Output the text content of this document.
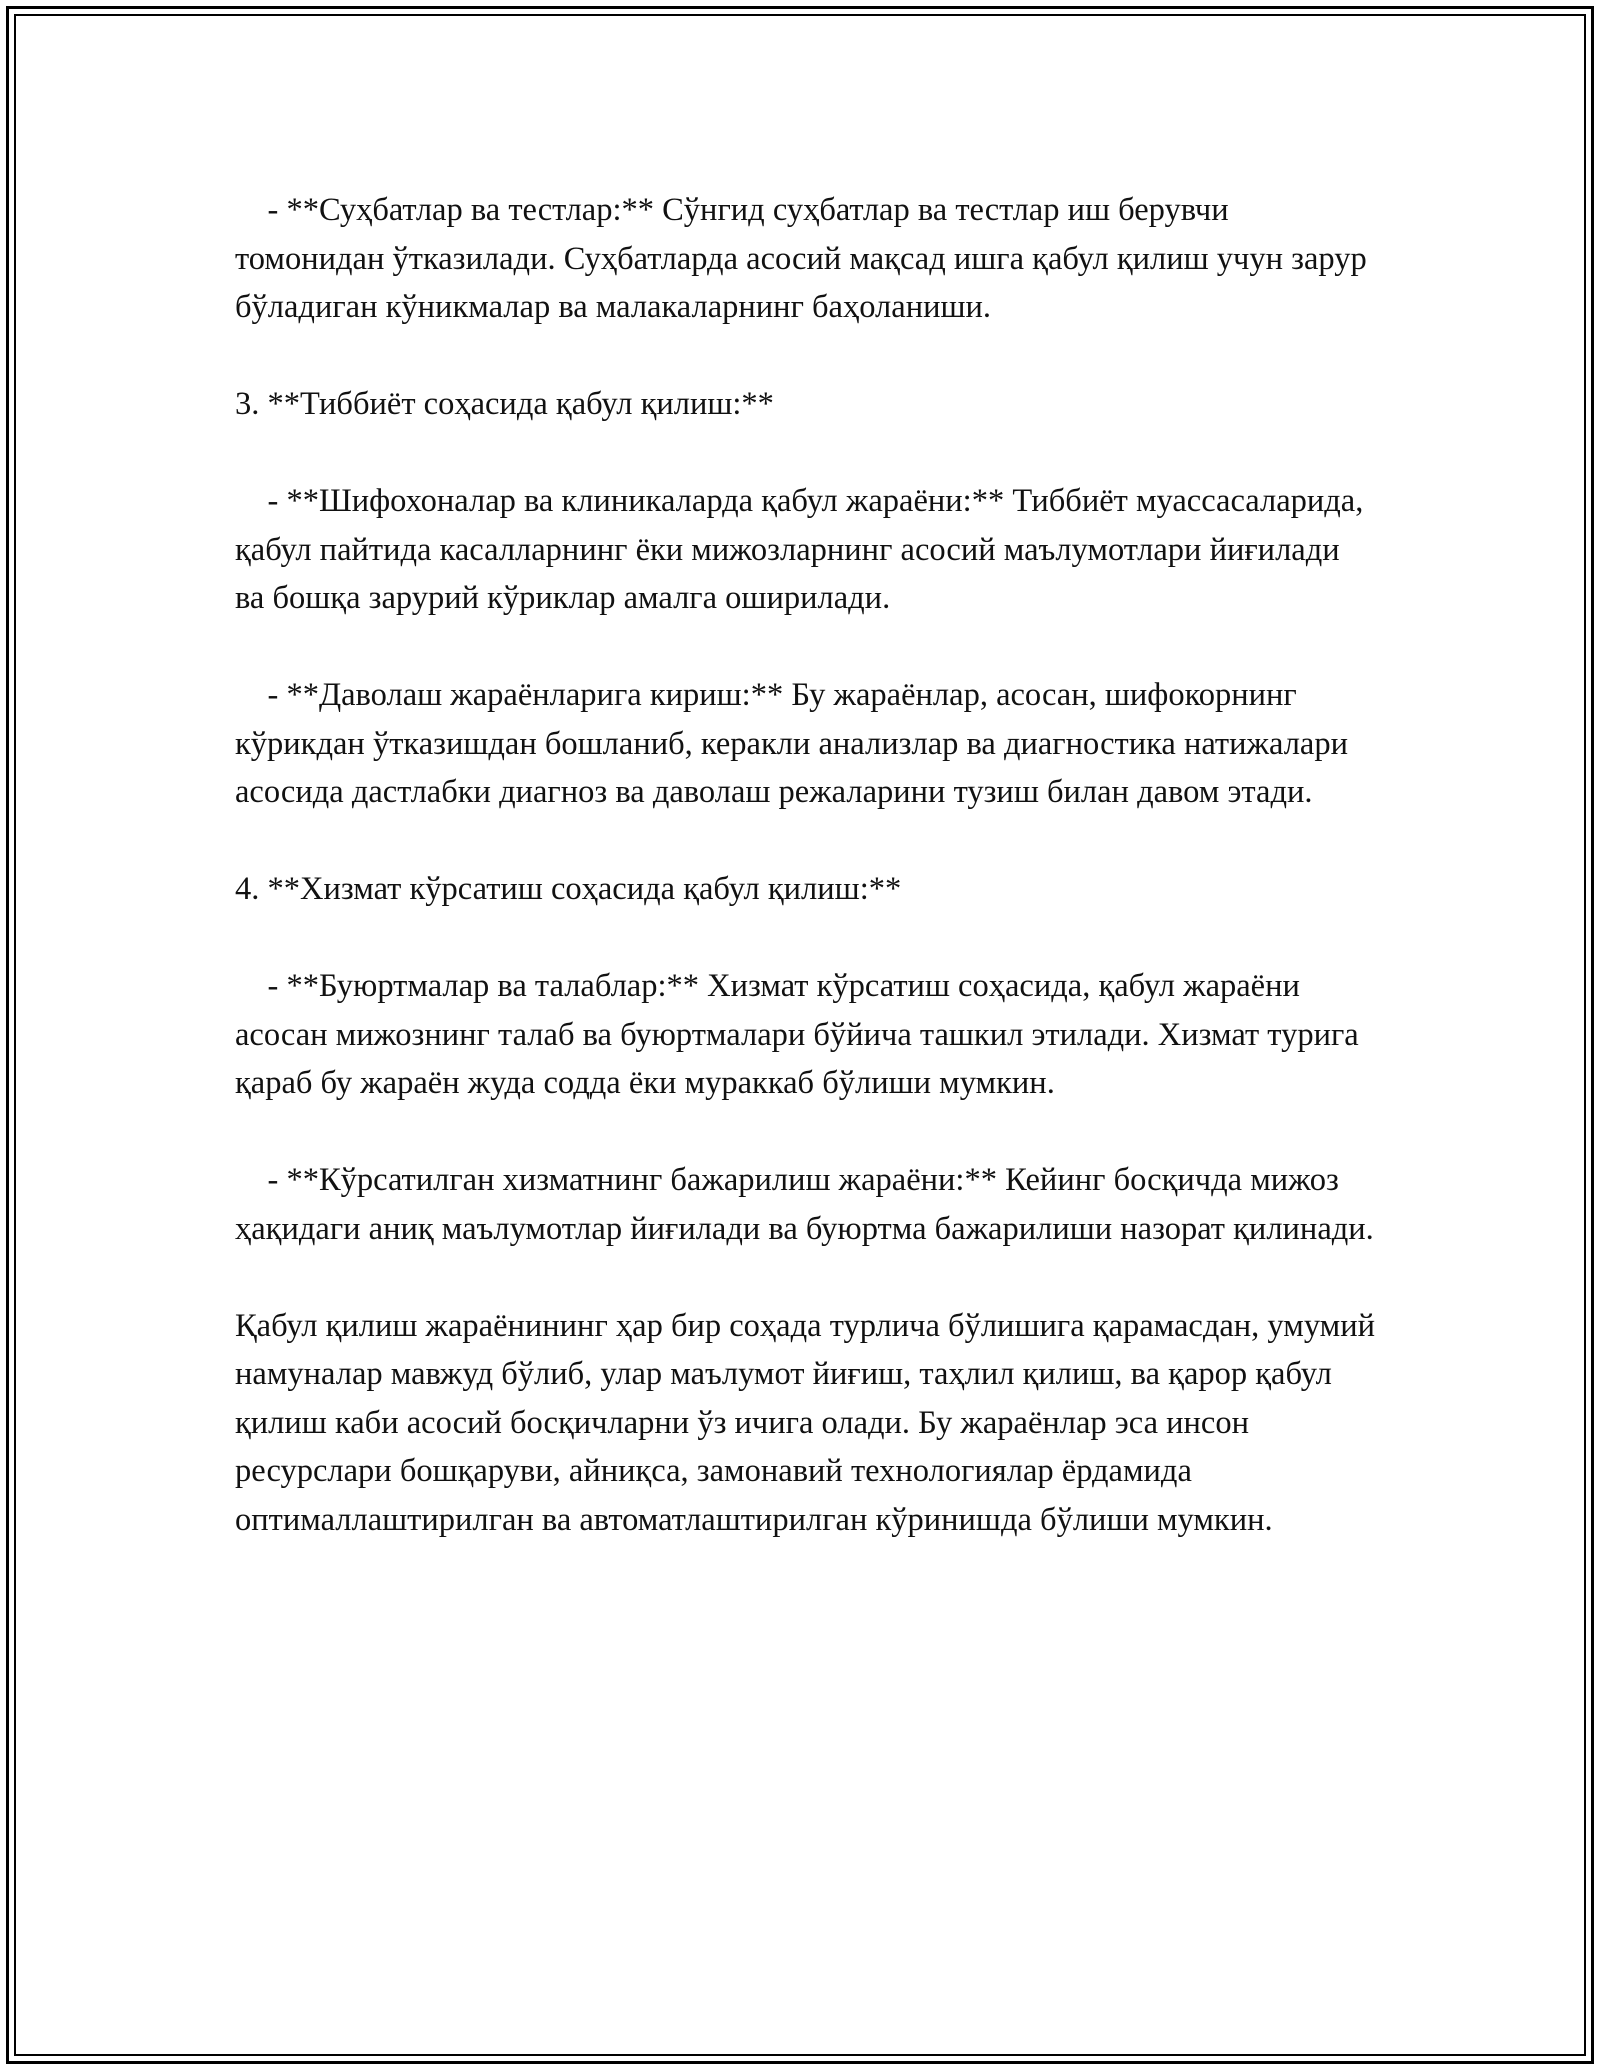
- **Суҳбатлар ва тестлар:** Сўнгид суҳбатлар ва тестлар иш берувчи томонидан ўтказилади. Суҳбатларда асосий мақсад ишга қабул қилиш учун зарур бўладиган кўникмалар ва малакаларнинг баҳоланиши.

3. **Тиббиёт соҳасида қабул қилиш:**

- **Шифохоналар ва клиникаларда қабул жараёни:** Тиббиёт муассасаларида, қабул пайтида касалларнинг ёки мижозларнинг асосий маълумотлари йиғилади ва бошқа зарурий кўриклар амалга оширилади.

- **Даволаш жараёнларига кириш:** Бу жараёнлар, асосан, шифокорнинг кўрикдан ўтказишдан бошланиб, керакли анализлар ва диагностика натижалари асосида дастлабки диагноз ва даволаш режаларини тузиш билан давом этади.

4. **Хизмат кўрсатиш соҳасида қабул қилиш:**

- **Буюртмалар ва талаблар:** Хизмат кўрсатиш соҳасида, қабул жараёни асосан мижознинг талаб ва буюртмалари бўйича ташкил этилади. Хизмат турига қараб бу жараён жуда содда ёки мураккаб бўлиши мумкин.

- **Кўрсатилган хизматнинг бажарилиш жараёни:** Кейинг босқичда мижоз ҳақидаги аниқ маълумотлар йиғилади ва буюртма бажарилиши назорат қилинади.

Қабул қилиш жараёнининг ҳар бир соҳада турлича бўлишига қарамасдан, умумий намуналар мавжуд бўлиб, улар маълумот йиғиш, таҳлил қилиш, ва қарор қабул қилиш каби асосий босқичларни ўз ичига олади. Бу жараёнлар эса инсон ресурслари бошқаруви, айниқса, замонавий технологиялар ёрдамида оптималлаштирилган ва автоматлаштирилган кўринишда бўлиши мумкин.
